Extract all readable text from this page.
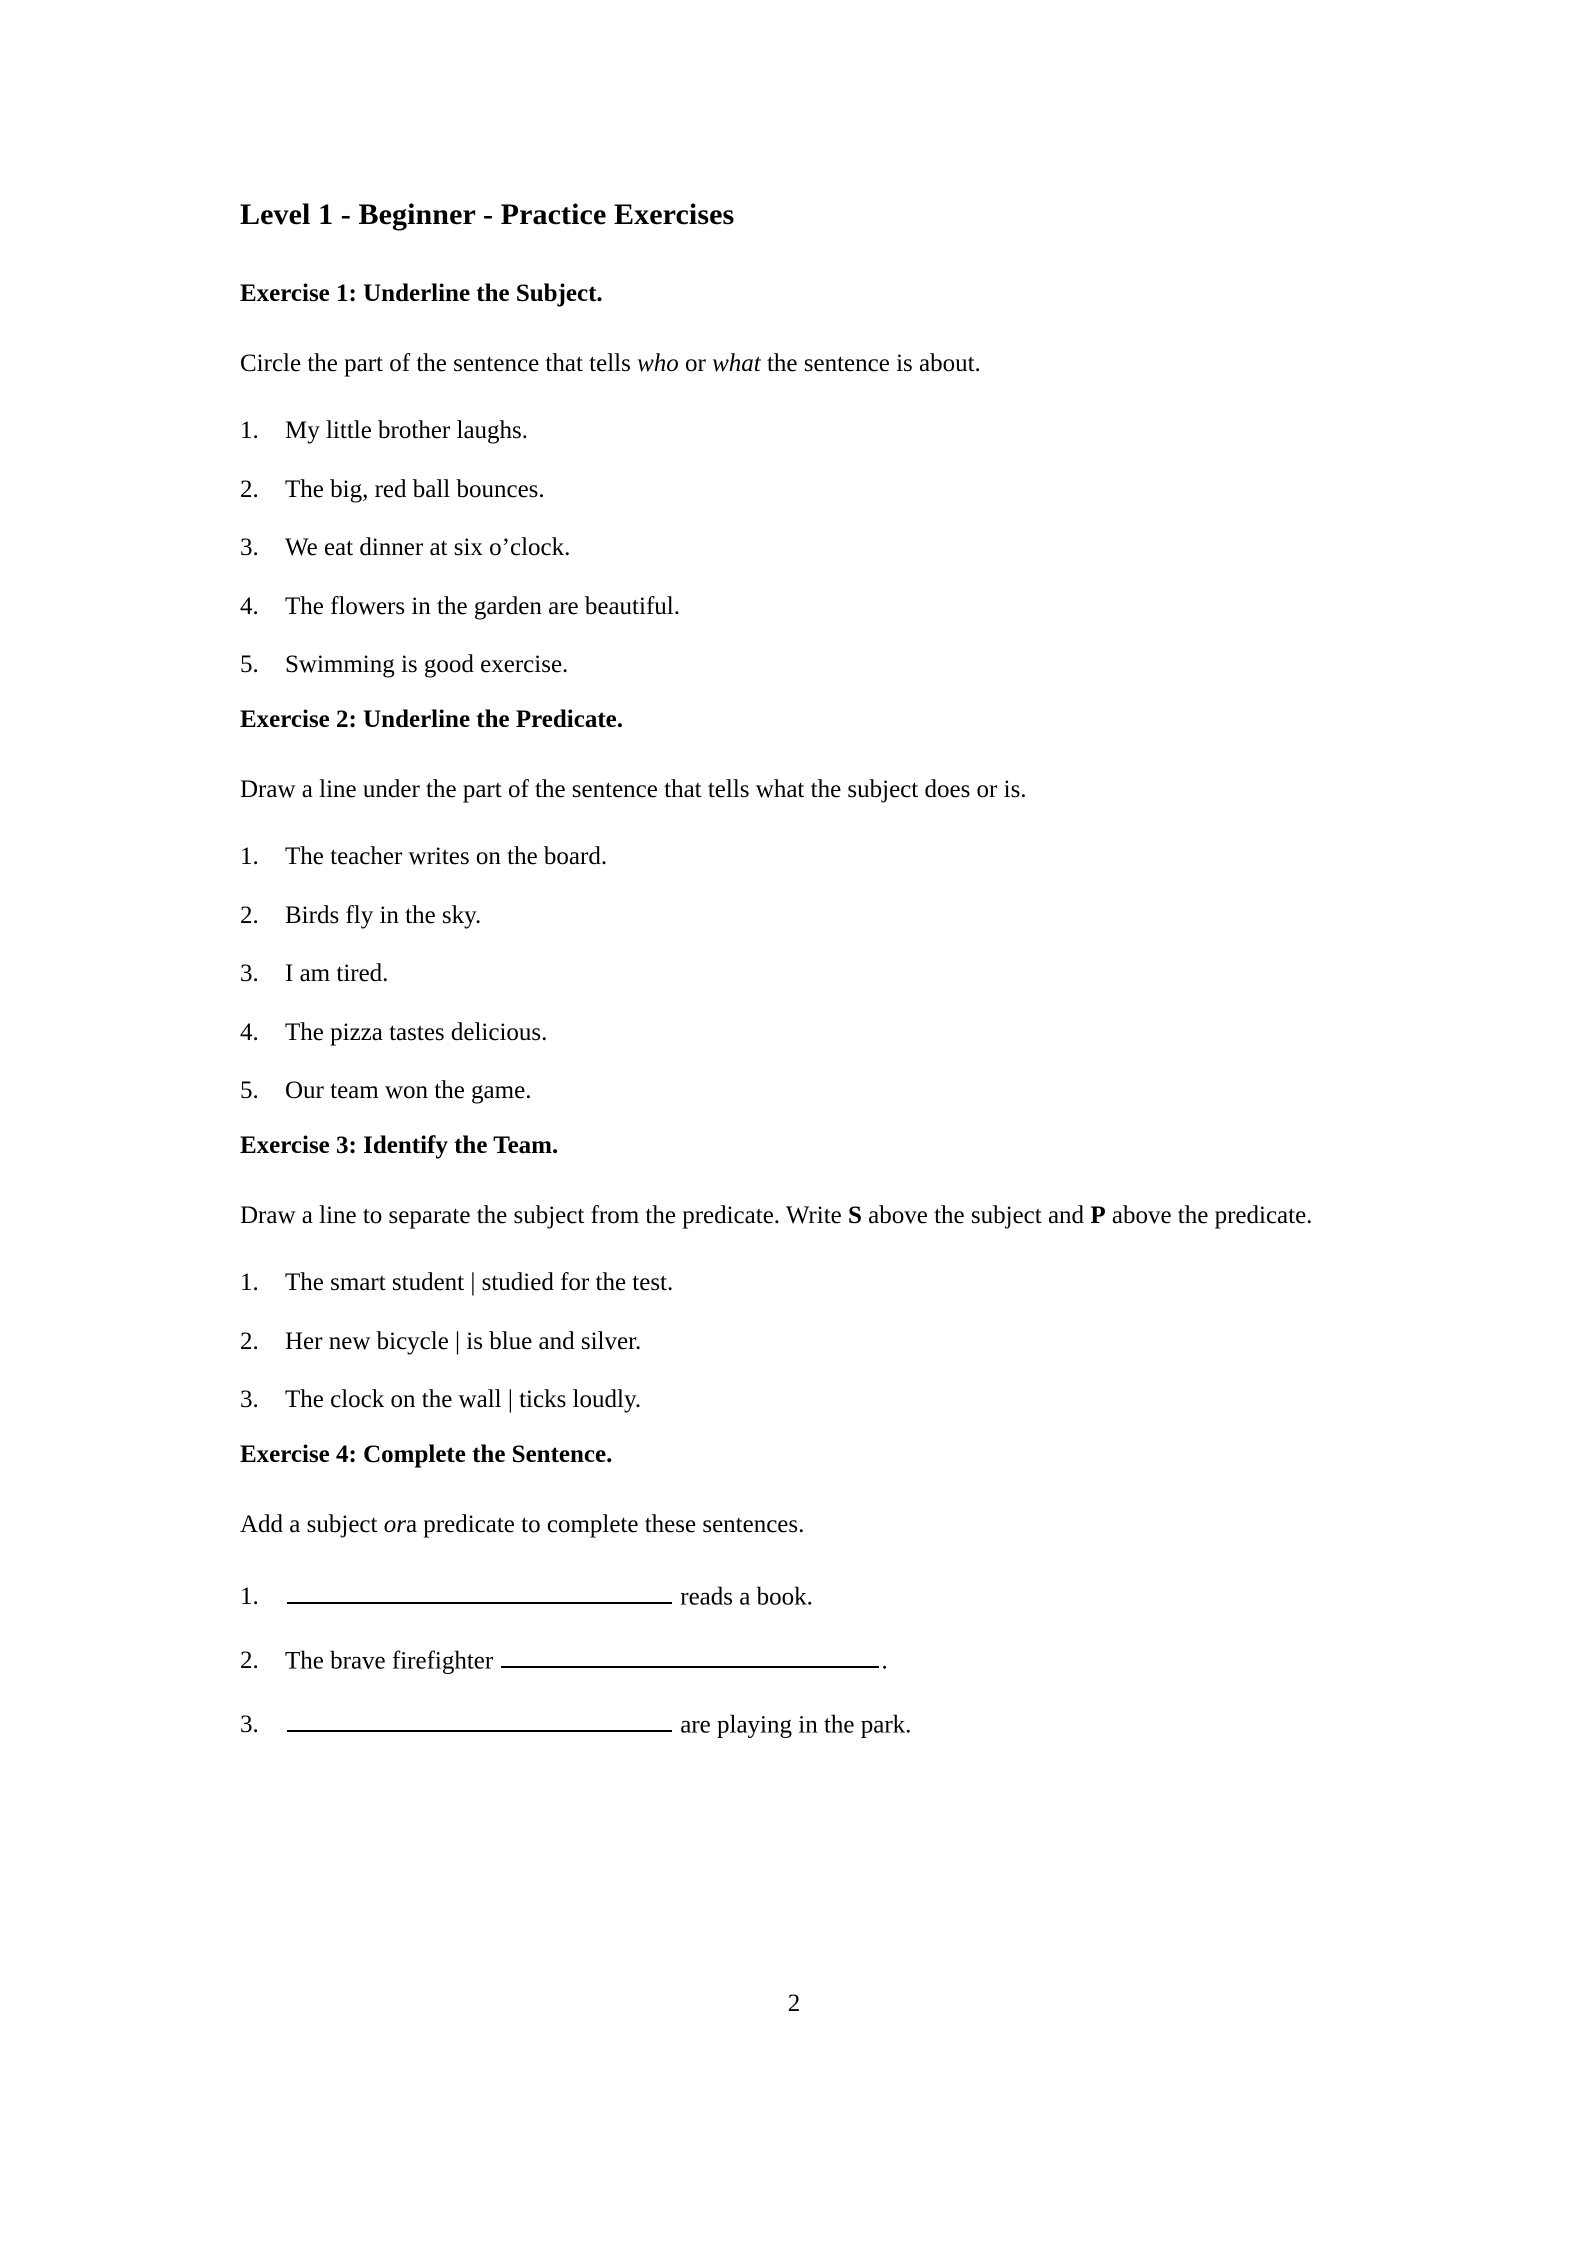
Level 1 - Beginner - Practice Exercises
Exercise 1: Underline the Subject.

Circle the part of the sentence that tells who or what the sentence is about.

1.	My little brother laughs.
2.	The big, red ball bounces.
3.	We eat dinner at six o’clock.
4.	The flowers in the garden are beautiful.
5.	Swimming is good exercise.
Exercise 2: Underline the Predicate.

Draw a line under the part of the sentence that tells what the subject does or is.

1.	The teacher writes on the board.
2.	Birds fly in the sky.
3.	I am tired.
4.	The pizza tastes delicious.
5.	Our team won the game.
Exercise 3: Identify the Team.

Draw a line to separate the subject from the predicate. Write S above the subject and P above the predicate.

1.	The smart student | studied for the test.
2.	Her new bicycle | is blue and silver.
3.	The clock on the wall | ticks loudly.
Exercise 4: Complete the Sentence.

Add a subject ora predicate to complete these sentences.

1.	reads a book.
2.	The brave firefighter	.
3.	are playing in the park.
2
